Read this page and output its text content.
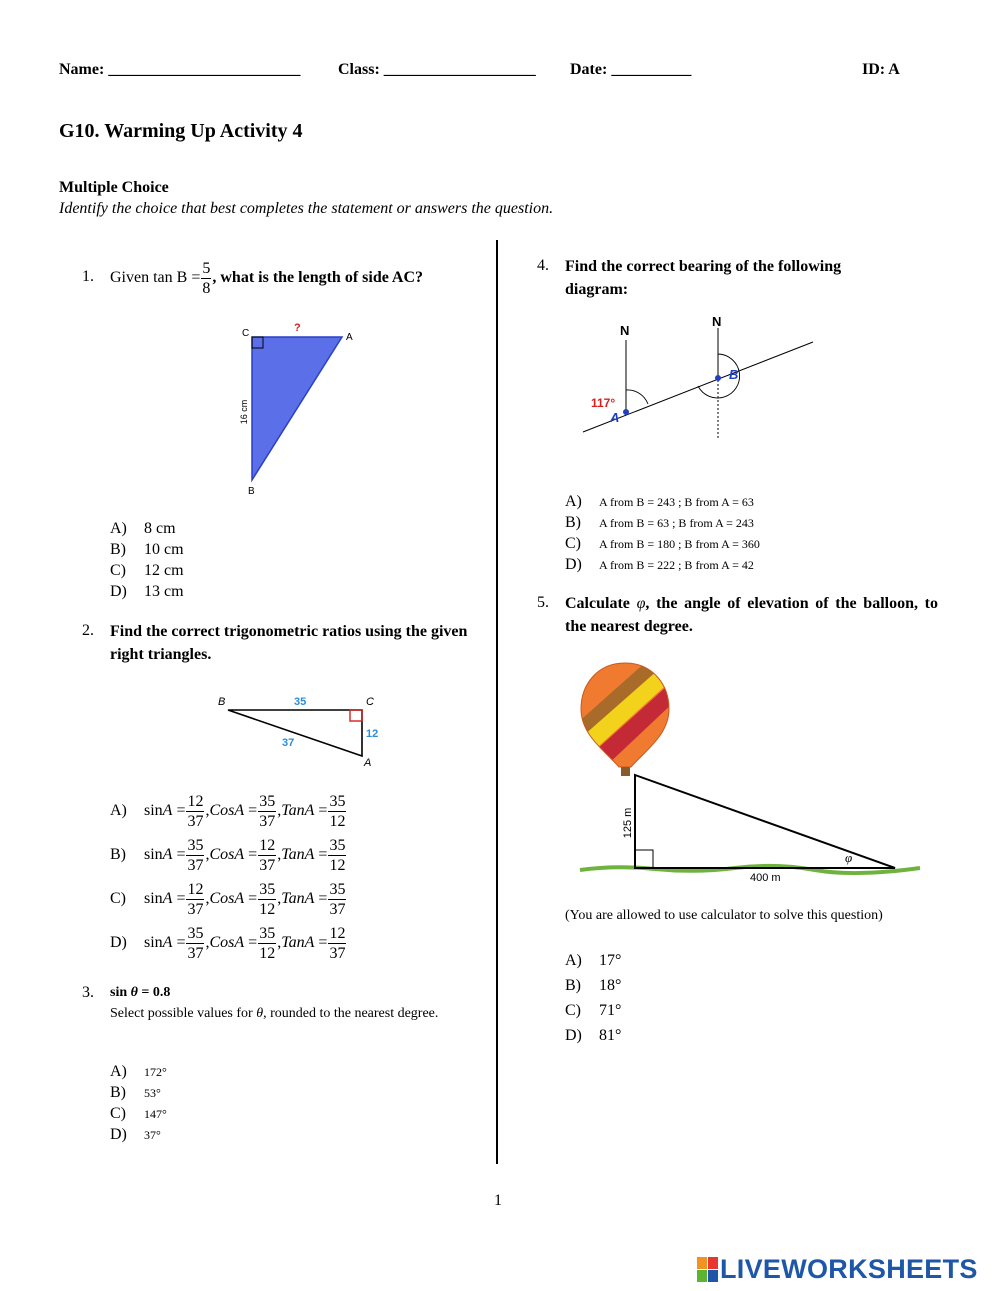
Name: ________________________ Class: ___________________ Date: __________	ID: A
G10. Warming Up Activity 4
Multiple Choice
Identify the choice that best completes the statement or answers the question.
1. Given $\tan B = \frac{5}{8}$ , what is the length of side AC?
C	A
B
?
16 cm
A) 8 cm
B) 10 cm
C) 12 cm
D) 13 cm
2. Find the correct trigonometric ratios using the given right triangles.
B	C
A
35
12
37
A) $\sin A = \frac{12}{37}$ ,CosA = $\frac{35}{37}$ ,TanA = $\frac{35}{12}$
B) $\sin A = \frac{35}{37}$ ,CosA = $\frac{12}{37}$ ,TanA = $\frac{35}{12}$
C) $\sin A = \frac{12}{37}$ ,CosA = $\frac{35}{12}$ ,TanA = $\frac{35}{37}$
D) $\sin A = \frac{35}{37}$ ,CosA = $\frac{35}{12}$ ,TanA = $\frac{12}{37}$
3. sin θ = 0.8
Select possible values for θ, rounded to the nearest degree.
A) 172°
B) 53°
C) 147°
D) 37°
4. Find the correct bearing of the following diagram:
N
N
117°
A
B
A) A from B = 243 ; B from A = 63
B) A from B = 63 ; B from A = 243
C) A from B = 180 ; B from A = 360
D) A from B = 222 ; B from A = 42
5. Calculate φ, the angle of elevation of the balloon, to the nearest degree.
125 m
400 m
φ
(You are allowed to use calculator to solve this question)
A) 17°
B) 18°
C) 71°
D) 81°
1
LIVEWORKSHEETS
